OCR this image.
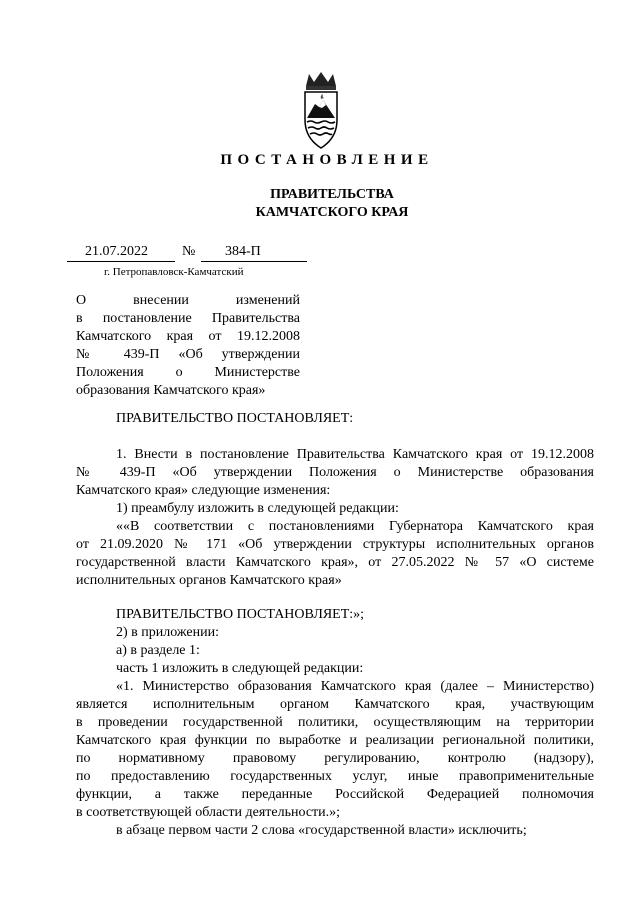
ПОСТАНОВЛЕНИЕ
ПРАВИТЕЛЬСТВА
КАМЧАТСКОГО КРАЯ
21.07.2022 № 384-П
г. Петропавловск-Камчатский
О внесении изменений
в постановление Правительства
Камчатского края от 19.12.2008
№ 439-П «Об утверждении
Положения о Министерстве
образования Камчатского края»
ПРАВИТЕЛЬСТВО ПОСТАНОВЛЯЕТ:
1. Внести в постановление Правительства Камчатского края от 19.12.2008
№ 439-П «Об утверждении Положения о Министерстве образования
Камчатского края» следующие изменения:
1) преамбулу изложить в следующей редакции:
««В соответствии с постановлениями Губернатора Камчатского края
от 21.09.2020 № 171 «Об утверждении структуры исполнительных органов
государственной власти Камчатского края», от 27.05.2022 № 57 «О системе
исполнительных органов Камчатского края»
ПРАВИТЕЛЬСТВО ПОСТАНОВЛЯЕТ:»;
2) в приложении:
а) в разделе 1:
часть 1 изложить в следующей редакции:
«1. Министерство образования Камчатского края (далее – Министерство)
является исполнительным органом Камчатского края, участвующим
в проведении государственной политики, осуществляющим на территории
Камчатского края функции по выработке и реализации региональной политики,
по нормативному правовому регулированию, контролю (надзору),
по предоставлению государственных услуг, иные правоприменительные
функции, а также переданные Российской Федерацией полномочия
в соответствующей области деятельности.»;
в абзаце первом части 2 слова «государственной власти» исключить;
